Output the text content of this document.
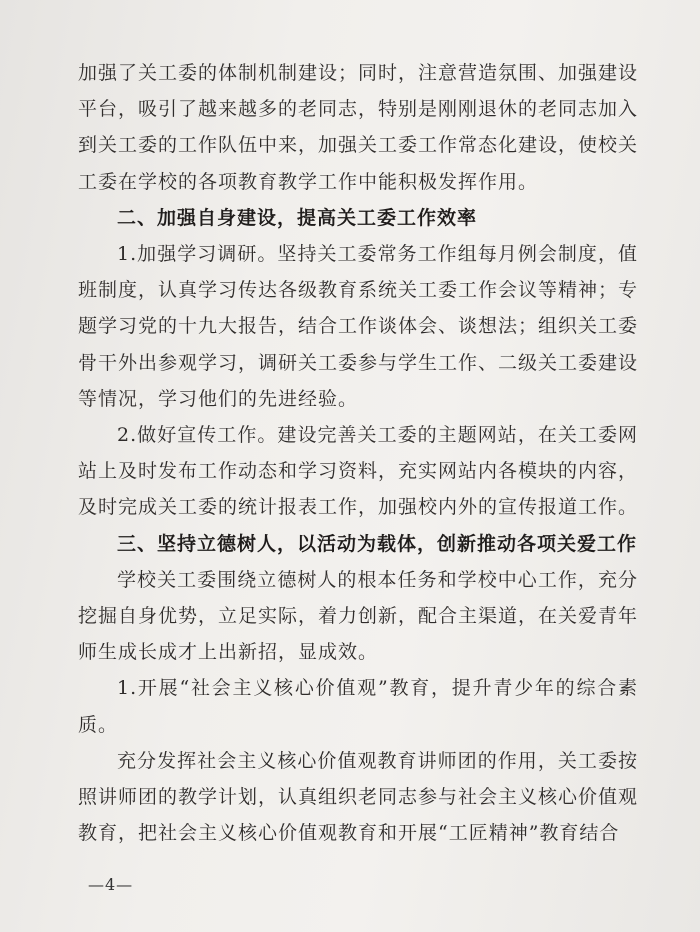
加强了关工委的体制机制建设；同时，注意营造氛围、加强建设平台，吸引了越来越多的老同志，特别是刚刚退休的老同志加入到关工委的工作队伍中来，加强关工委工作常态化建设，使校关工委在学校的各项教育教学工作中能积极发挥作用。

二、加强自身建设，提高关工委工作效率

1.加强学习调研。坚持关工委常务工作组每月例会制度，值班制度，认真学习传达各级教育系统关工委工作会议等精神；专题学习党的十九大报告，结合工作谈体会、谈想法；组织关工委骨干外出参观学习，调研关工委参与学生工作、二级关工委建设等情况，学习他们的先进经验。

2.做好宣传工作。建设完善关工委的主题网站，在关工委网站上及时发布工作动态和学习资料，充实网站内各模块的内容，及时完成关工委的统计报表工作，加强校内外的宣传报道工作。

三、坚持立德树人，以活动为载体，创新推动各项关爱工作

学校关工委围绕立德树人的根本任务和学校中心工作，充分挖掘自身优势，立足实际，着力创新，配合主渠道，在关爱青年师生成长成才上出新招，显成效。

1.开展“社会主义核心价值观”教育，提升青少年的综合素质。

充分发挥社会主义核心价值观教育讲师团的作用，关工委按照讲师团的教学计划，认真组织老同志参与社会主义核心价值观教育，把社会主义核心价值观教育和开展“工匠精神”教育结合

—4—
